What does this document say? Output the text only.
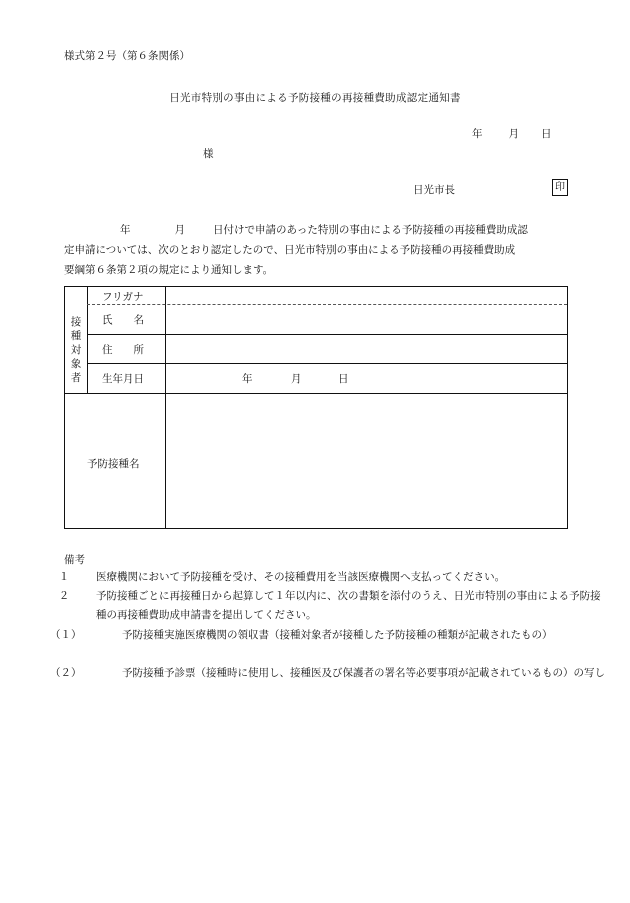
様式第２号（第６条関係）
日光市特別の事由による予防接種の再接種費助成認定通知書
年 月 日
様
日光市長	印

年	月	日付けで申請のあった特別の事由による予防接種の再接種費助成認

定申請については、次のとおり認定したので、日光市特別の事由による予防接種の再接種費助成

要綱第６条第２項の規定により通知します。

接
種
対
象
者
フリガナ
氏　　名
住　　所
生年月日	年	月	日
予防接種名
備考
１	医療機関において予防接種を受け、その接種費用を当該医療機関へ支払ってください。
２	予防接種ごとに再接種日から起算して１年以内に、次の書類を添付のうえ、日光市特別の事由による予防接種の再接種費助成申請書を提出してください。
（１）	予防接種実施医療機関の領収書（接種対象者が接種した予防接種の種類が記載されたもの）
（２）	予防接種予診票（接種時に使用し、接種医及び保護者の署名等必要事項が記載されているもの）の写し
